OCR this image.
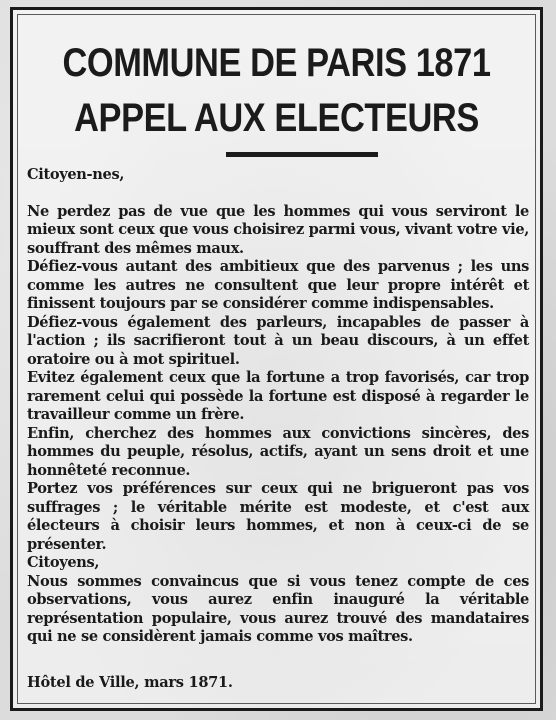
COMMUNE DE PARIS 1871
APPEL AUX ELECTEURS

Citoyen-nes,

Ne perdez pas de vue que les hommes qui vous serviront le mieux sont ceux que vous choisirez parmi vous, vivant votre vie, souffrant des mêmes maux.

Défiez-vous autant des ambitieux que des parvenus ; les uns comme les autres ne consultent que leur propre intérêt et finissent toujours par se considérer comme indispensables.

Défiez-vous également des parleurs, incapables de passer à l'action ; ils sacrifieront tout à un beau discours, à un effet oratoire ou à mot spirituel.

Evitez également ceux que la fortune a trop favorisés, car trop rarement celui qui possède la fortune est disposé à regarder le travailleur comme un frère.

Enfin, cherchez des hommes aux convictions sincères, des hommes du peuple, résolus, actifs, ayant un sens droit et une honnêteté reconnue.

Portez vos préférences sur ceux qui ne brigueront pas vos suffrages ; le véritable mérite est modeste, et c'est aux électeurs à choisir leurs hommes, et non à ceux-ci de se présenter.

Citoyens,

Nous sommes convaincus que si vous tenez compte de ces observations, vous aurez enfin inauguré la véritable représentation populaire, vous aurez trouvé des mandataires qui ne se considèrent jamais comme vos maîtres.

Hôtel de Ville, mars 1871.
